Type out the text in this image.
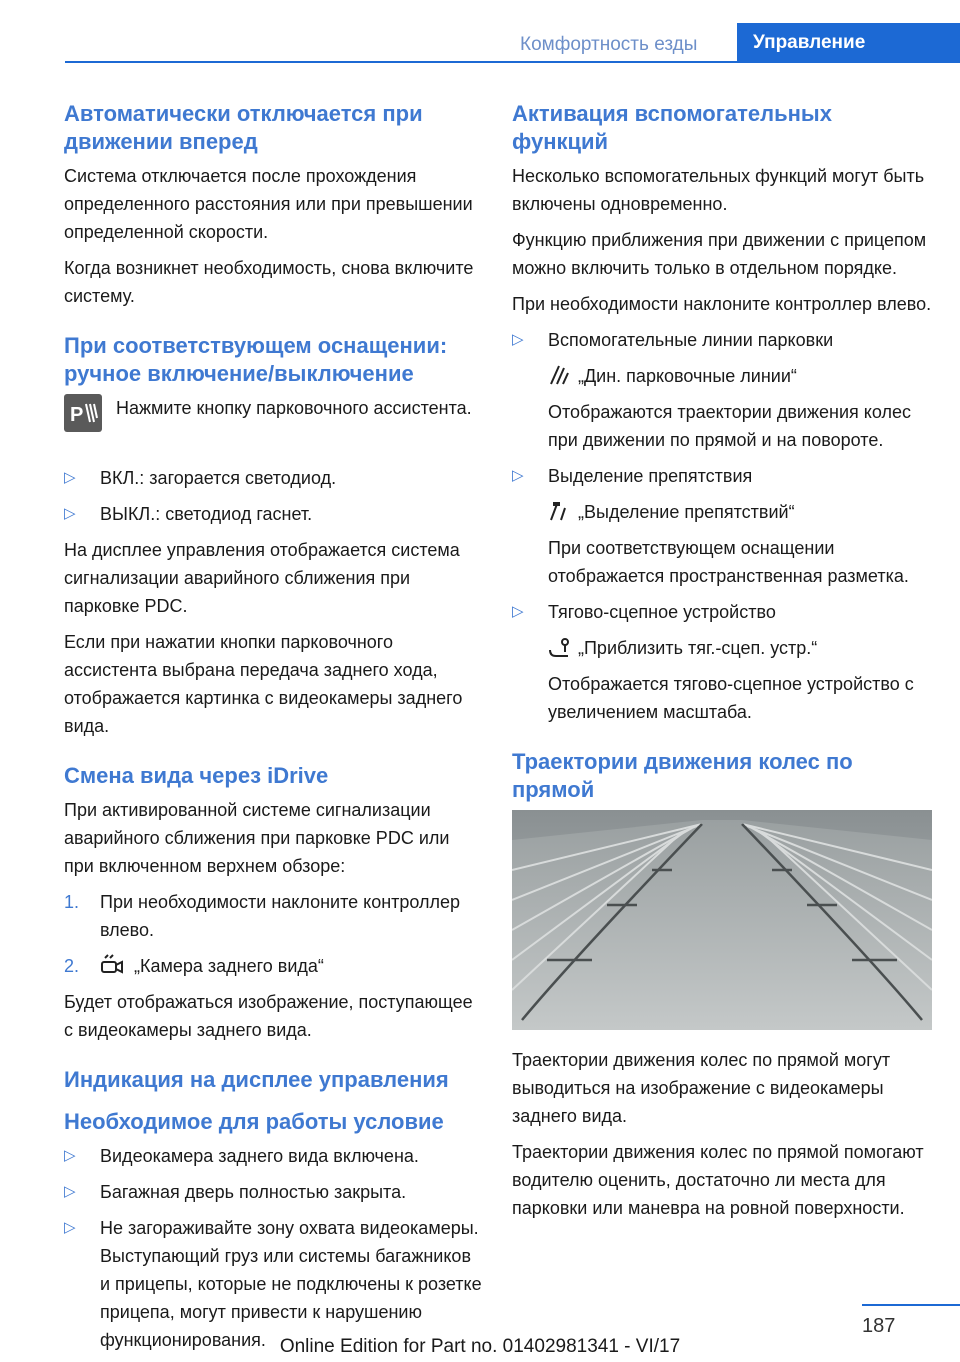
Комфортность езды	Управление
Автоматически отключается при движении вперед

Система отключается после прохождения определенного расстояния или при превышении определенной скорости.

Когда возникнет необходимость, снова включите систему.

При соответствующем оснащении: ручное включение/выключение
P Нажмите кнопку парковочного ассистента.
▷ ВКЛ.: загорается светодиод.
▷ ВЫКЛ.: светодиод гаснет.

На дисплее управления отображается система сигнализации аварийного сближения при парковке PDC.

Если при нажатии кнопки парковочного ассистента выбрана передача заднего хода, отображается картинка с видеокамеры заднего вида.

Смена вида через iDrive

При активированной системе сигнализации аварийного сближения при парковке PDC или при включенном верхнем обзоре:

1. При необходимости наклоните контроллер влево.
2.	„Камера заднего вида“

Будет отображаться изображение, поступающее с видеокамеры заднего вида.

Индикация на дисплее управления
Необходимое для работы условие
▷ Видеокамера заднего вида включена.
▷ Багажная дверь полностью закрыта.
▷ Не загораживайте зону охвата видеокамеры. Выступающий груз или системы багажников и прицепы, которые не подключены к розетке прицепа, могут привести к нарушению функционирования.
Активация вспомогательных функций

Несколько вспомогательных функций могут быть включены одновременно.

Функцию приближения при движении с прицепом можно включить только в отдельном порядке.

При необходимости наклоните контроллер влево.

▷ Вспомогательные линии парковки
„Дин. парковочные линии“
Отображаются траектории движения колес при движении по прямой и на повороте.
▷ Выделение препятствия
„Выделение препятствий“
При соответствующем оснащении отображается пространственная разметка.
▷ Тягово-сцепное устройство
„Приблизить тяг.-сцеп. устр.“
Отображается тягово-сцепное устройство с увеличением масштаба.
Траектории движения колес по прямой

Траектории движения колес по прямой могут выводиться на изображение с видеокамеры заднего вида.

Траектории движения колес по прямой помогают водителю оценить, достаточно ли места для парковки или маневра на ровной поверхности.

187
Online Edition for Part no. 01402981341 - VI/17
